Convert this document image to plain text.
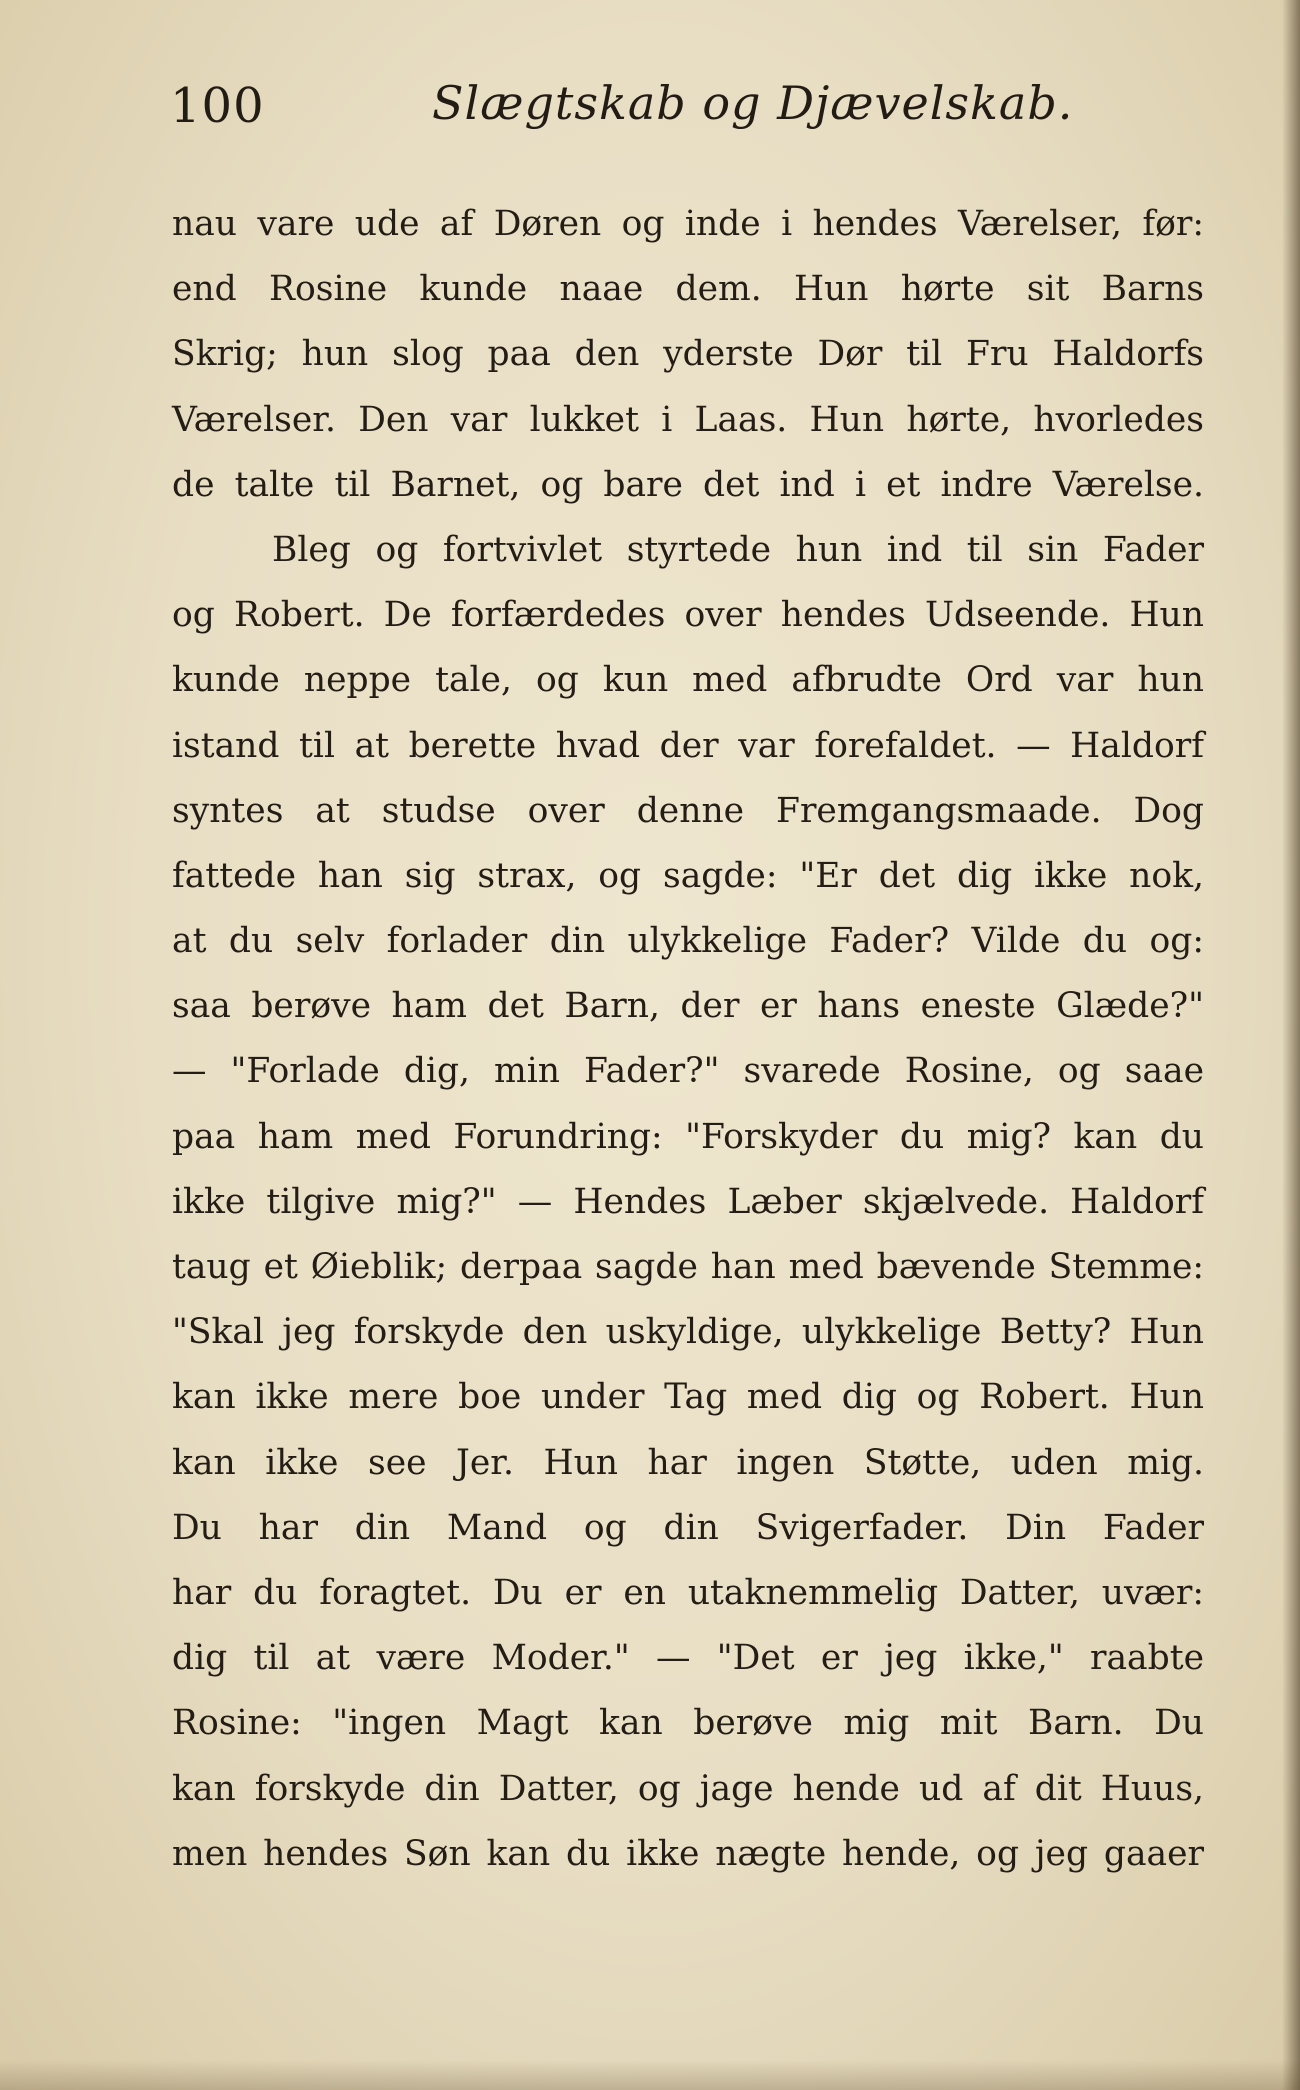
100	Slægtskab og Djævelskab.
nau vare ude af Døren og inde i hendes Værelser, før:
end Rosine kunde naae dem. Hun hørte sit Barns
Skrig; hun slog paa den yderste Dør til Fru Haldorfs
Værelser. Den var lukket i Laas. Hun hørte, hvorledes
de talte til Barnet, og bare det ind i et indre Værelse.
Bleg og fortvivlet styrtede hun ind til sin Fader
og Robert. De forfærdedes over hendes Udseende. Hun
kunde neppe tale, og kun med afbrudte Ord var hun
istand til at berette hvad der var forefaldet. — Haldorf
syntes at studse over denne Fremgangsmaade. Dog
fattede han sig strax, og sagde: "Er det dig ikke nok,
at du selv forlader din ulykkelige Fader? Vilde du og:
saa berøve ham det Barn, der er hans eneste Glæde?"
— "Forlade dig, min Fader?" svarede Rosine, og saae
paa ham med Forundring: "Forskyder du mig? kan du
ikke tilgive mig?" — Hendes Læber skjælvede. Haldorf
taug et Øieblik; derpaa sagde han med bævende Stemme:
"Skal jeg forskyde den uskyldige, ulykkelige Betty? Hun
kan ikke mere boe under Tag med dig og Robert. Hun
kan ikke see Jer. Hun har ingen Støtte, uden mig.
Du har din Mand og din Svigerfader. Din Fader
har du foragtet. Du er en utaknemmelig Datter, uvær:
dig til at være Moder." — "Det er jeg ikke," raabte
Rosine: "ingen Magt kan berøve mig mit Barn. Du
kan forskyde din Datter, og jage hende ud af dit Huus,
men hendes Søn kan du ikke nægte hende, og jeg gaaer
